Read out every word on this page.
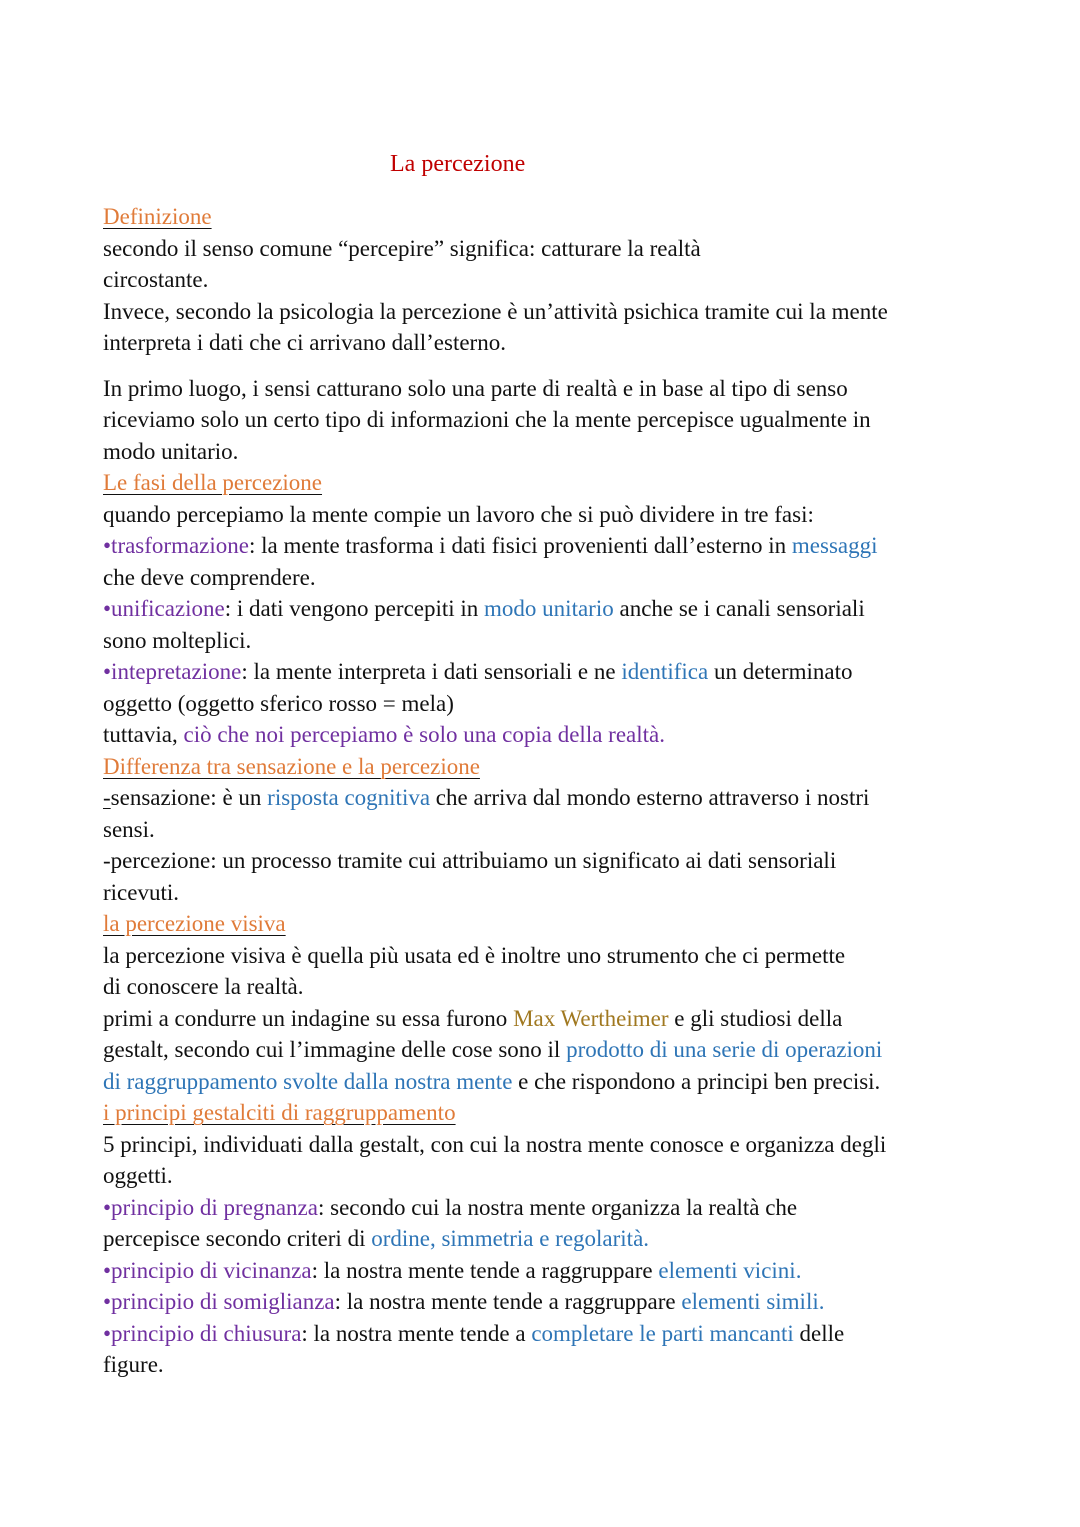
La percezione
Definizione
secondo il senso comune “percepire” significa: catturare la realtà
circostante.
Invece, secondo la psicologia la percezione è un’attività psichica tramite cui la mente
interpreta i dati che ci arrivano dall’esterno.
In primo luogo, i sensi catturano solo una parte di realtà e in base al tipo di senso
riceviamo solo un certo tipo di informazioni che la mente percepisce ugualmente in
modo unitario.
Le fasi della percezione
quando percepiamo la mente compie un lavoro che si può dividere in tre fasi:
•trasformazione: la mente trasforma i dati fisici provenienti dall’esterno in messaggi
che deve comprendere.
•unificazione: i dati vengono percepiti in modo unitario anche se i canali sensoriali
sono molteplici.
•intepretazione: la mente interpreta i dati sensoriali e ne identifica un determinato
oggetto (oggetto sferico rosso = mela)
tuttavia, ciò che noi percepiamo è solo una copia della realtà.
Differenza tra sensazione e la percezione
-sensazione: è un risposta cognitiva che arriva dal mondo esterno attraverso i nostri
sensi.
-percezione: un processo tramite cui attribuiamo un significato ai dati sensoriali
ricevuti.
la percezione visiva
la percezione visiva è quella più usata ed è inoltre uno strumento che ci permette
di conoscere la realtà.
primi a condurre un indagine su essa furono Max Wertheimer e gli studiosi della
gestalt, secondo cui l’immagine delle cose sono il prodotto di una serie di operazioni
di raggruppamento svolte dalla nostra mente e che rispondono a principi ben precisi.
i principi gestalciti di raggruppamento
5 principi, individuati dalla gestalt, con cui la nostra mente conosce e organizza degli
oggetti.
•principio di pregnanza: secondo cui la nostra mente organizza la realtà che
percepisce secondo criteri di ordine, simmetria e regolarità.
•principio di vicinanza: la nostra mente tende a raggruppare elementi vicini.
•principio di somiglianza: la nostra mente tende a raggruppare elementi simili.
•principio di chiusura: la nostra mente tende a completare le parti mancanti delle
figure.
